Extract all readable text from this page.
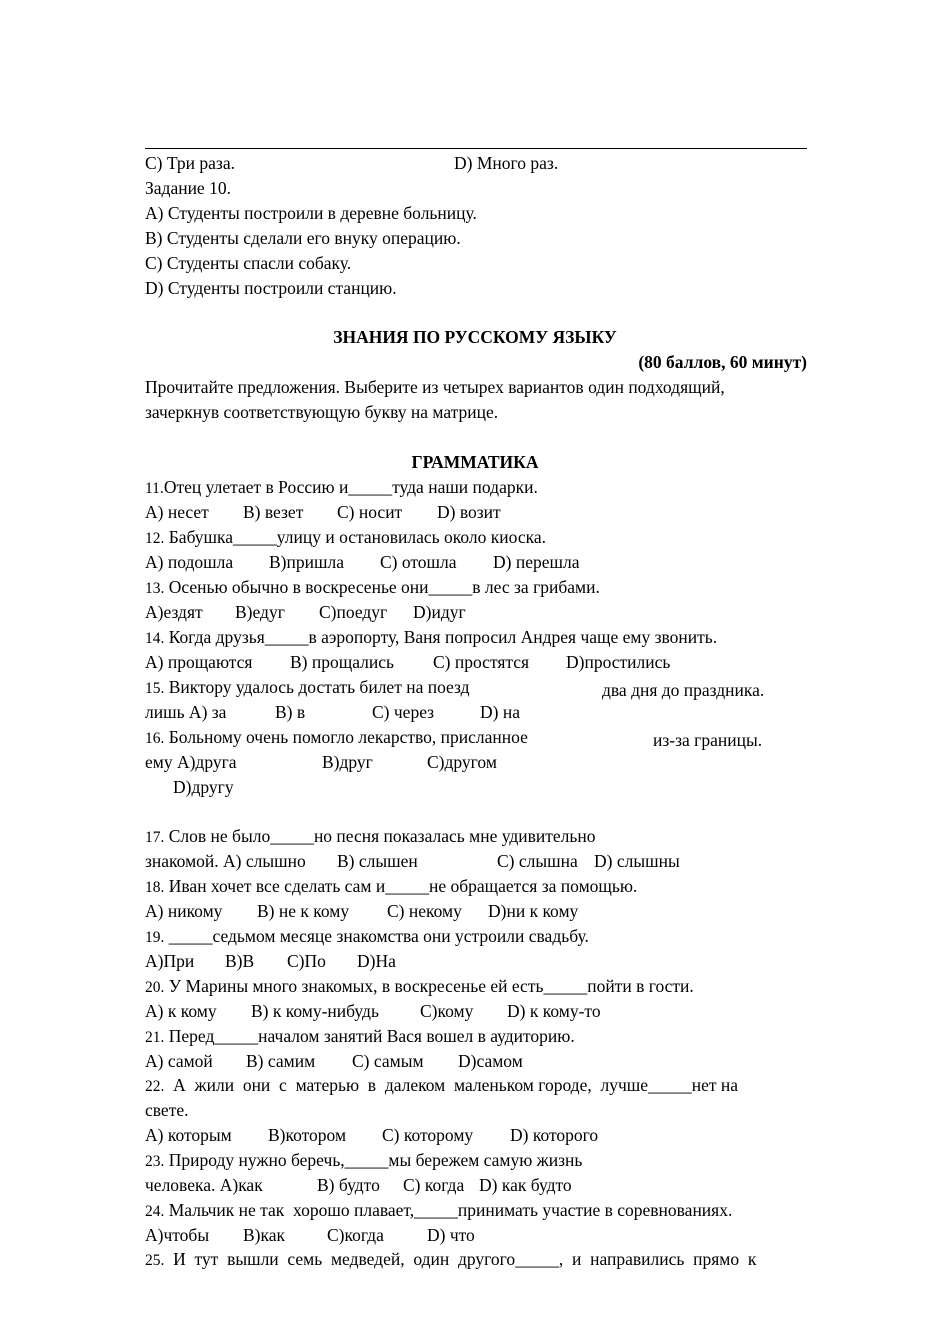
C) Три раза.	D) Много раз.
Задание 10.
А) Студенты построили в деревне больницу.
В) Студенты сделали его внуку операцию.
С) Студенты спасли собаку.
D) Студенты построили станцию.
ЗНАНИЯ ПО РУССКОМУ ЯЗЫКУ
(80 баллов, 60 минут)
Прочитайте предложения. Выберите из четырех вариантов один подходящий,
зачеркнув соответствующую букву на матрице.
ГРАММАТИКА
11.Отец улетает в Россию и_____туда наши подарки.
А) несет В) везет С) носит D) возит
12. Бабушка_____улицу и остановилась около киоска.
А) подошла В)пришла С) отошла D) перешла
13. Осенью обычно в воскресенье они_____в лес за грибами.
А)ездят В)едуг С)поедуг D)идуг
14. Когда друзья_____в аэропорту, Ваня попросил Андрея чаще ему звонить.
А) прощаются В) прощались С) простятся D)простились
15. Виктору удалось достать билет на поезд	два дня до праздника.
лишь А) за	В) в	С) через	D) на
16. Больному очень помогло лекарство, присланное	из-за границы.
ему А)друга	В)друг	С)другом
D)другу
17. Слов не было_____но песня показалась мне удивительно
знакомой. А) слышно В) слышен	С) слышна D) слышны
18. Иван хочет все сделать сам и_____не обращается за помощью.
А) никому В) не к кому С) некому D)ни к кому
19. _____седьмом месяце знакомства они устроили свадьбу.
А)При В)В С)По D)На
20. У Марины много знакомых, в воскресенье ей есть_____пойти в гости.
А) к кому В) к кому-нибудь С)кому D) к кому-то
21. Перед_____началом занятий Вася вошел в аудиторию.
А) самой В) самим С) самым D)самом
22.  А  жили  они  с  матерью  в  далеком  маленьком городе,  лучше_____нет на
свете.
А) которым В)котором С) которому D) которого
23. Природу нужно беречь,_____мы бережем самую жизнь
человека. А)как	В) будто С) когда D) как будто
24. Мальчик не так  хорошо плавает,_____принимать участие в соревнованиях.
А)чтобы В)как С)когда D) что
25.  И  тут  вышли  семь  медведей,  один  другого_____,  и  направились  прямо  к
